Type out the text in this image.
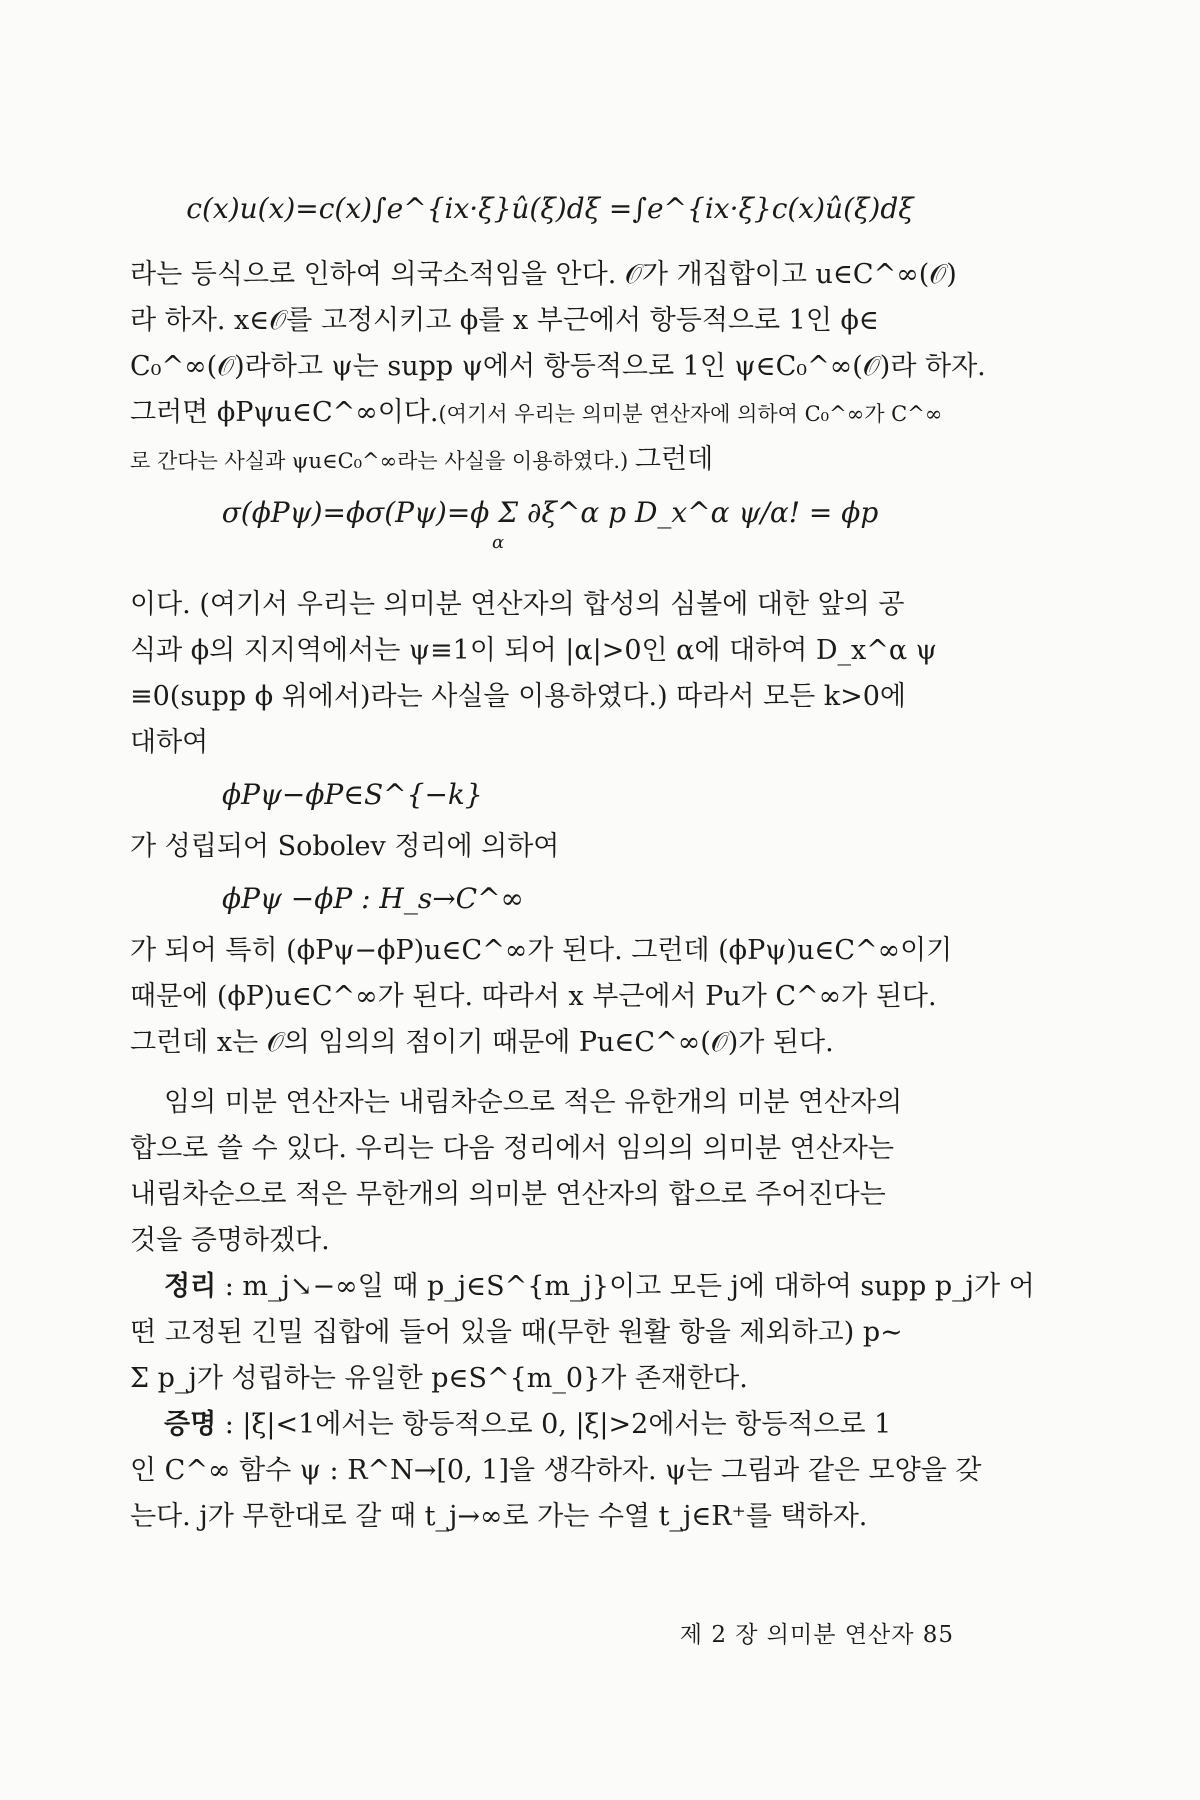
c(x)u(x)=c(x)∫e^{ix·ξ}û(ξ)dξ =∫e^{ix·ξ}c(x)û(ξ)dξ

라는 등식으로 인하여 의국소적임을 안다. 𝒪가 개집합이고 u∈C^∞(𝒪)

라 하자. x∈𝒪를 고정시키고 ϕ를 x 부근에서 항등적으로 1인 ϕ∈

C₀^∞(𝒪)라하고 ψ는 supp ψ에서 항등적으로 1인 ψ∈C₀^∞(𝒪)라 하자.

그러면 ϕPψu∈C^∞이다.(여기서 우리는 의미분 연산자에 의하여 C₀^∞가 C^∞

로 간다는 사실과 ψu∈C₀^∞라는 사실을 이용하였다.) 그런데

σ(ϕPψ)=ϕσ(Pψ)=ϕ Σ ∂ξ^α p D_x^α ψ/α! = ϕp

α

이다. (여기서 우리는 의미분 연산자의 합성의 심볼에 대한 앞의 공

식과 ϕ의 지지역에서는 ψ≡1이 되어 |α|>0인 α에 대하여 D_x^α ψ

≡0(supp ϕ 위에서)라는 사실을 이용하였다.) 따라서 모든 k>0에

대하여

ϕPψ−ϕP∈S^{−k}

가 성립되어 Sobolev 정리에 의하여

ϕPψ −ϕP : H_s→C^∞

가 되어 특히 (ϕPψ−ϕP)u∈C^∞가 된다. 그런데 (ϕPψ)u∈C^∞이기

때문에 (ϕP)u∈C^∞가 된다. 따라서 x 부근에서 Pu가 C^∞가 된다.

그런데 x는 𝒪의 임의의 점이기 때문에 Pu∈C^∞(𝒪)가 된다.

임의 미분 연산자는 내림차순으로 적은 유한개의 미분 연산자의

합으로 쓸 수 있다. 우리는 다음 정리에서 임의의 의미분 연산자는

내림차순으로 적은 무한개의 의미분 연산자의 합으로 주어진다는

것을 증명하겠다.

정리 : m_j↘−∞일 때 p_j∈S^{m_j}이고 모든 j에 대하여 supp p_j가 어

떤 고정된 긴밀 집합에 들어 있을 때(무한 원활 항을 제외하고) p∼

Σ p_j가 성립하는 유일한 p∈S^{m_0}가 존재한다.

증명 : |ξ|<1에서는 항등적으로 0, |ξ|>2에서는 항등적으로 1

인 C^∞ 함수 ψ : R^N→[0, 1]을 생각하자. ψ는 그림과 같은 모양을 갖

는다. j가 무한대로 갈 때 t_j→∞로 가는 수열 t_j∈R⁺를 택하자.

제 2 장 의미분 연산자 85
